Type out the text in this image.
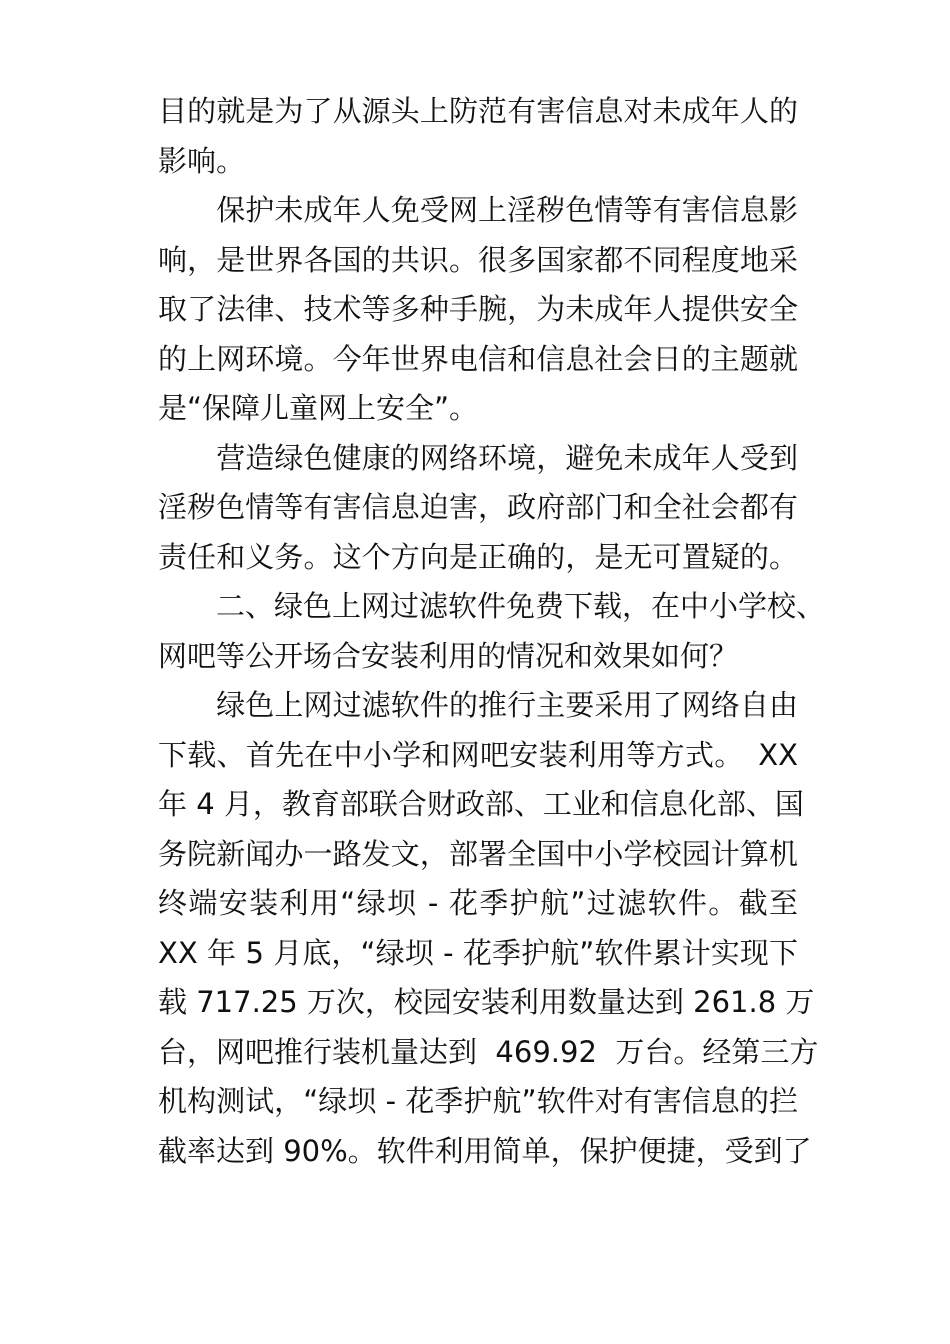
目的就是为了从源头上防范有害信息对未成年人的
影响。
　　保护未成年人免受网上淫秽色情等有害信息影
响，是世界各国的共识。很多国家都不同程度地采
取了法律、技术等多种手腕，为未成年人提供安全
的上网环境。今年世界电信和信息社会日的主题就
是“保障儿童网上安全”。
　　营造绿色健康的网络环境，避免未成年人受到
淫秽色情等有害信息迫害，政府部门和全社会都有
责任和义务。这个方向是正确的，是无可置疑的。
　　二、绿色上网过滤软件免费下载，在中小学校、
网吧等公开场合安装利用的情况和效果如何？
　　绿色上网过滤软件的推行主要采用了网络自由
下载、首先在中小学和网吧安装利用等方式。　XX
年 4 月，教育部联合财政部、工业和信息化部、国
务院新闻办一路发文，部署全国中小学校园计算机
终端安装利用“绿坝 - 花季护航”过滤软件。截至
XX 年 5 月底，“绿坝 - 花季护航”软件累计实现下
载 717.25 万次，校园安装利用数量达到 261.8 万
台，网吧推行装机量达到  469.92  万台。经第三方
机构测试，“绿坝 - 花季护航”软件对有害信息的拦
截率达到 90%。软件利用简单，保护便捷，受到了
